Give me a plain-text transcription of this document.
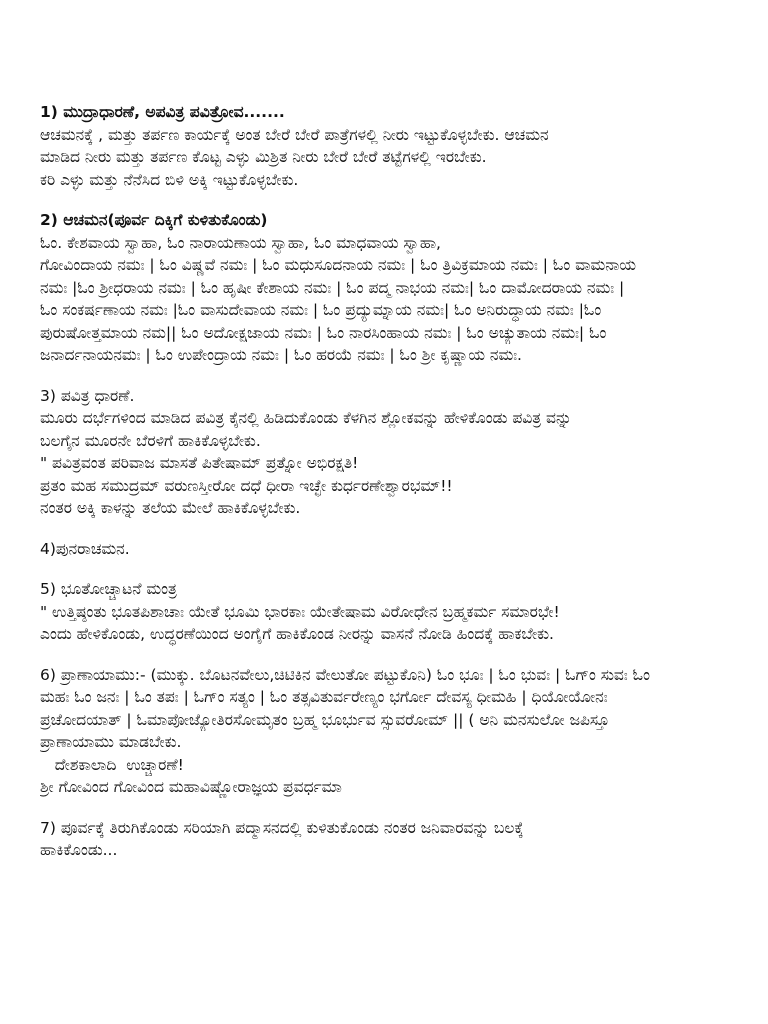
1) ಮುದ್ರಾಧಾರಣೆ, ಅಪವಿತ್ರ ಪವಿತ್ರೋವ.......
ಆಚಮನಕ್ಕೆ , ಮತ್ತು ತರ್ಪಣ ಕಾರ್ಯಕ್ಕೆ ಅಂತ ಬೇರೆ ಬೇರೆ ಪಾತ್ರೆಗಳಲ್ಲಿ ನೀರು ಇಟ್ಟುಕೊಳ್ಳಬೇಕು. ಆಚಮನ
ಮಾಡಿದ ನೀರು ಮತ್ತು ತರ್ಪಣ ಕೊಟ್ಟ ಎಳ್ಳು ಮಿಶ್ರಿತ ನೀರು ಬೇರೆ ಬೇರೆ ತಟ್ಟೆಗಳಲ್ಲಿ ಇರಬೇಕು.
ಕರಿ ಎಳ್ಳು ಮತ್ತು ನೆನೆಸಿದ ಬಿಳಿ ಅಕ್ಕಿ ಇಟ್ಟುಕೊಳ್ಳಬೇಕು.
2) ಆಚಮನ(ಪೂರ್ವ ದಿಕ್ಕಿಗೆ ಕುಳಿತುಕೊಂಡು)
ಓಂ. ಕೇಶವಾಯ ಸ್ವಾಹಾ, ಓಂ ನಾರಾಯಣಾಯ ಸ್ವಾಹಾ, ಓಂ ಮಾಧವಾಯ ಸ್ವಾಹಾ,
ಗೋವಿಂದಾಯ ನಮಃ | ಓಂ ವಿಷ್ಣವೆ ನಮಃ | ಓಂ ಮಧುಸೂದನಾಯ ನಮಃ | ಓಂ ತ್ರಿವಿಕ್ರಮಾಯ ನಮಃ | ಓಂ ವಾಮನಾಯ
ನಮಃ |ಓಂ ಶ್ರೀಧರಾಯ ನಮಃ | ಓಂ ಹೃಷೀ ಕೇಶಾಯ ನಮಃ | ಓಂ ಪದ್ಮ ನಾಭಯ ನಮಃ| ಓಂ ದಾಮೋದರಾಯ ನಮಃ |
ಓಂ ಸಂಕರ್ಷಣಾಯ ನಮಃ |ಓಂ ವಾಸುದೇವಾಯ ನಮಃ | ಓಂ ಪ್ರದ್ಯುಮ್ನಾಯ ನಮಃ| ಓಂ ಅನಿರುದ್ಧಾಯ ನಮಃ |ಓಂ
ಪುರುಷೋತ್ತಮಾಯ ನಮ|| ಓಂ ಅದೋಕ್ಷಜಾಯ ನಮಃ | ಓಂ ನಾರಸಿಂಹಾಯ ನಮಃ | ಓಂ ಅಚ್ಯುತಾಯ ನಮಃ| ಓಂ
ಜನಾರ್ದನಾಯನಮಃ | ಓಂ ಉಪೇಂದ್ರಾಯ ನಮಃ | ಓಂ ಹರಯೆ ನಮಃ | ಓಂ ಶ್ರೀ ಕೃಷ್ಣಾಯ ನಮಃ.
3) ಪವಿತ್ರ ಧಾರಣೆ.
ಮೂರು ದರ್ಭೆಗಳಿಂದ ಮಾಡಿದ ಪವಿತ್ರ ಕೈನಲ್ಲಿ ಹಿಡಿದುಕೊಂಡು ಕೆಳಗಿನ ಶ್ಲೋಕವನ್ನು ಹೇಳಿಕೊಂಡು ಪವಿತ್ರ ವನ್ನು
ಬಲಗೈನ ಮೂರನೇ ಬೆರಳಿಗೆ ಹಾಕಿಕೊಳ್ಳಬೇಕು.
" ಪವಿತ್ರವಂತ ಪರಿವಾಜ ಮಾಸತೆ ಪಿತೇಷಾಮ್ ಪ್ರತ್ನೋ ಅಭಿರಕ್ಷತಿ!
ಪ್ರತಂ ಮಹ ಸಮುದ್ರಮ್ ವರುಣಸ್ತೀರೋ ದಧೆ ಧೀರಾ ಇಚ್ಛೇ ಕುರ್ಧರಣೇಶ್ವಾರಭಮ್!!
ನಂತರ ಅಕ್ಕಿ ಕಾಳನ್ನು ತಲೆಯ ಮೇಲೆ ಹಾಕಿಕೊಳ್ಳಬೇಕು.
4)ಪುನರಾಚಮನ.
5) ಭೂತೋಚ್ಚಾಟನೆ ಮಂತ್ರ
" ಉತ್ತಿಷ್ಠಂತು ಭೂತಪಿಶಾಚಾಃ ಯೇತೆ ಭೂಮಿ ಭಾರಕಾಃ ಯೇತೇಷಾಮ ವಿರೋಧೇನ ಬ್ರಹ್ಮಕರ್ಮ ಸಮಾರಭೇ!
ಎಂದು ಹೇಳಿಕೊಂಡು, ಉದ್ಧರಣೆಯಿಂದ ಅಂಗೈಗೆ ಹಾಕಿಕೊಂಡ ನೀರನ್ನು ವಾಸನೆ ನೋಡಿ ಹಿಂದಕ್ಕೆ ಹಾಕಬೇಕು.
6) ಪ್ರಾಣಾಯಾಮು:- (ಮುಕ್ಕು. ಬೊಟನವೇಲು,ಚಿಟಿಕಿನ ವೇಲುತೋ ಪಟ್ಟುಕೊನಿ) ಓಂ ಭೂಃ | ಓಂ ಭುವಃ | ಓಗ್ಂ ಸುವಃ ಓಂ
ಮಹಃ ಓಂ ಜನಃ | ಓಂ ತಪಃ | ಓಗ್ಂ ಸತ್ಯಂ | ಓಂ ತತ್ಸವಿತುರ್ವರೇಣ್ಯಂ ಭರ್ಗೋ ದೇವಸ್ಯ ಧೀಮಹಿ | ಧಿಯೋಯೋನಃ
ಪ್ರಚೋದಯಾತ್ | ಓಮಾಪೋಜ್ಯೋತಿರಸೋಮೃತಂ ಬ್ರಹ್ಮ ಭೂರ್ಭುವ ಸ್ಸುವರೋಮ್ || ( ಅನಿ ಮನಸುಲೋ ಜಪಿಸ್ತೂ
ಪ್ರಾಣಾಯಾಮು ಮಾಡಬೇಕು.
ದೇಶಕಾಲಾದಿ  ಉಚ್ಚಾರಣೆ!
ಶ್ರೀ ಗೋವಿಂದ ಗೋವಿಂದ ಮಹಾವಿಷ್ಣೋರಾಜ್ಞಯ ಪ್ರವರ್ಧಮಾ
7) ಪೂರ್ವಕ್ಕೆ ತಿರುಗಿಕೊಂಡು ಸರಿಯಾಗಿ ಪದ್ಮಾಸನದಲ್ಲಿ ಕುಳಿತುಕೊಂಡು ನಂತರ ಜನಿವಾರವನ್ನು ಬಲಕ್ಕೆ
ಹಾಕಿಕೊಂಡು...
